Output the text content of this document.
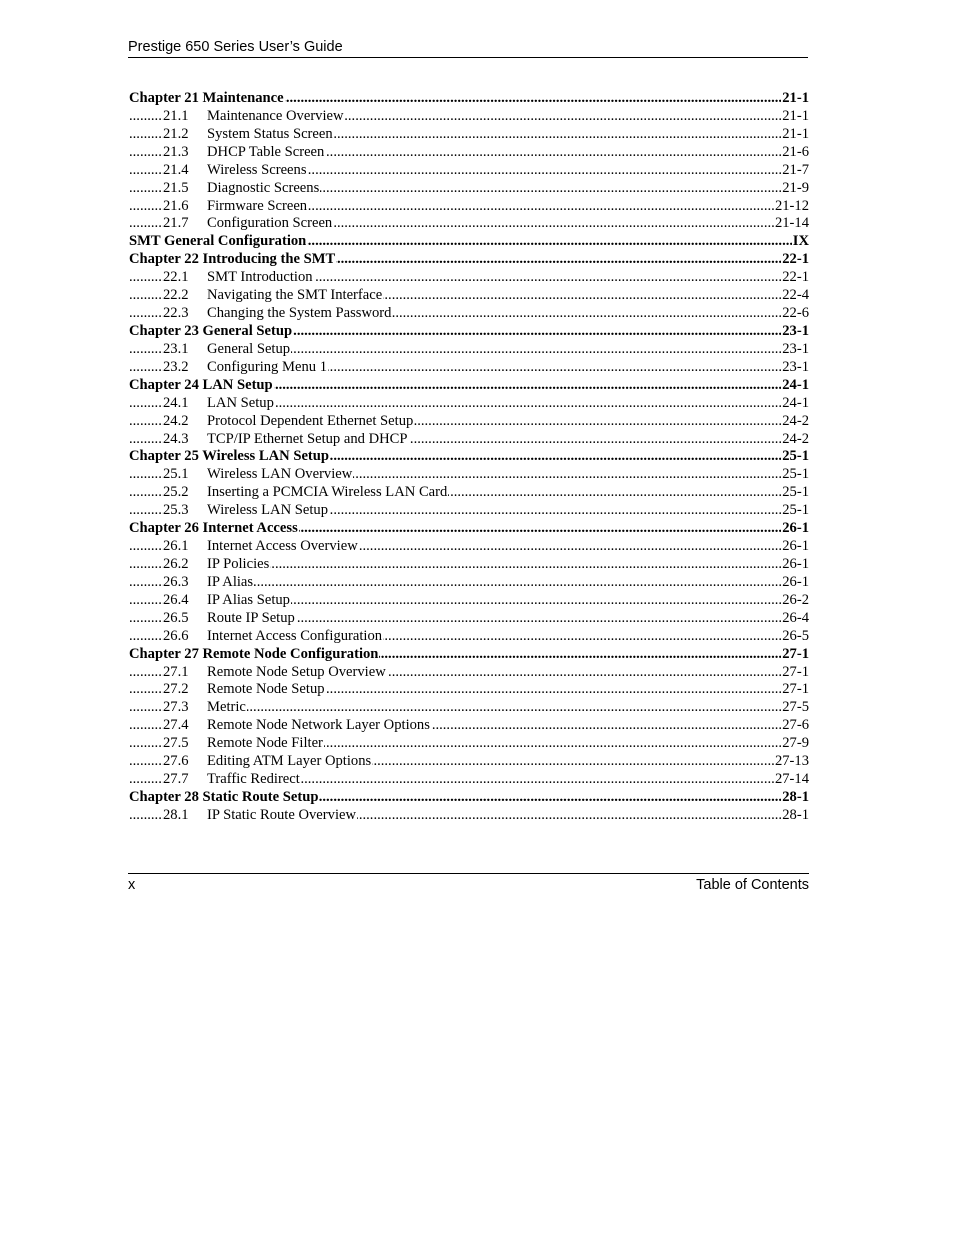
Prestige 650 Series User’s Guide
..... Chapter 21 Maintenance	21-1
..... 21.1 Maintenance Overview	21-1
..... 21.2 System Status Screen	21-1
..... 21.3 DHCP Table Screen	21-6
..... 21.4 Wireless Screens	21-7
..... 21.5 Diagnostic Screens	21-9
..... 21.6 Firmware Screen	21-12
..... 21.7 Configuration Screen	21-14
..... SMT General Configuration	IX
..... Chapter 22 Introducing the SMT	22-1
..... 22.1 SMT Introduction	22-1
..... 22.2 Navigating the SMT Interface	22-4
..... 22.3 Changing the System Password	22-6
..... Chapter 23 General Setup	23-1
..... 23.1 General Setup	23-1
..... 23.2 Configuring Menu 1	23-1
..... Chapter 24 LAN Setup	24-1
..... 24.1 LAN Setup	24-1
..... 24.2 Protocol Dependent Ethernet Setup	24-2
..... 24.3 TCP/IP Ethernet Setup and DHCP	24-2
..... Chapter 25 Wireless LAN Setup	25-1
..... 25.1 Wireless LAN Overview	25-1
..... 25.2 Inserting a PCMCIA Wireless LAN Card	25-1
..... 25.3 Wireless LAN Setup	25-1
..... Chapter 26 Internet Access	26-1
..... 26.1 Internet Access Overview	26-1
..... 26.2 IP Policies	26-1
..... 26.3 IP Alias	26-1
..... 26.4 IP Alias Setup	26-2
..... 26.5 Route IP Setup	26-4
..... 26.6 Internet Access Configuration	26-5
..... Chapter 27 Remote Node Configuration	27-1
..... 27.1 Remote Node Setup Overview	27-1
..... 27.2 Remote Node Setup	27-1
..... 27.3 Metric	27-5
..... 27.4 Remote Node Network Layer Options	27-6
..... 27.5 Remote Node Filter	27-9
..... 27.6 Editing ATM Layer Options	27-13
..... 27.7 Traffic Redirect	27-14
..... Chapter 28 Static Route Setup	28-1
..... 28.1 IP Static Route Overview	28-1
x	Table of Contents
